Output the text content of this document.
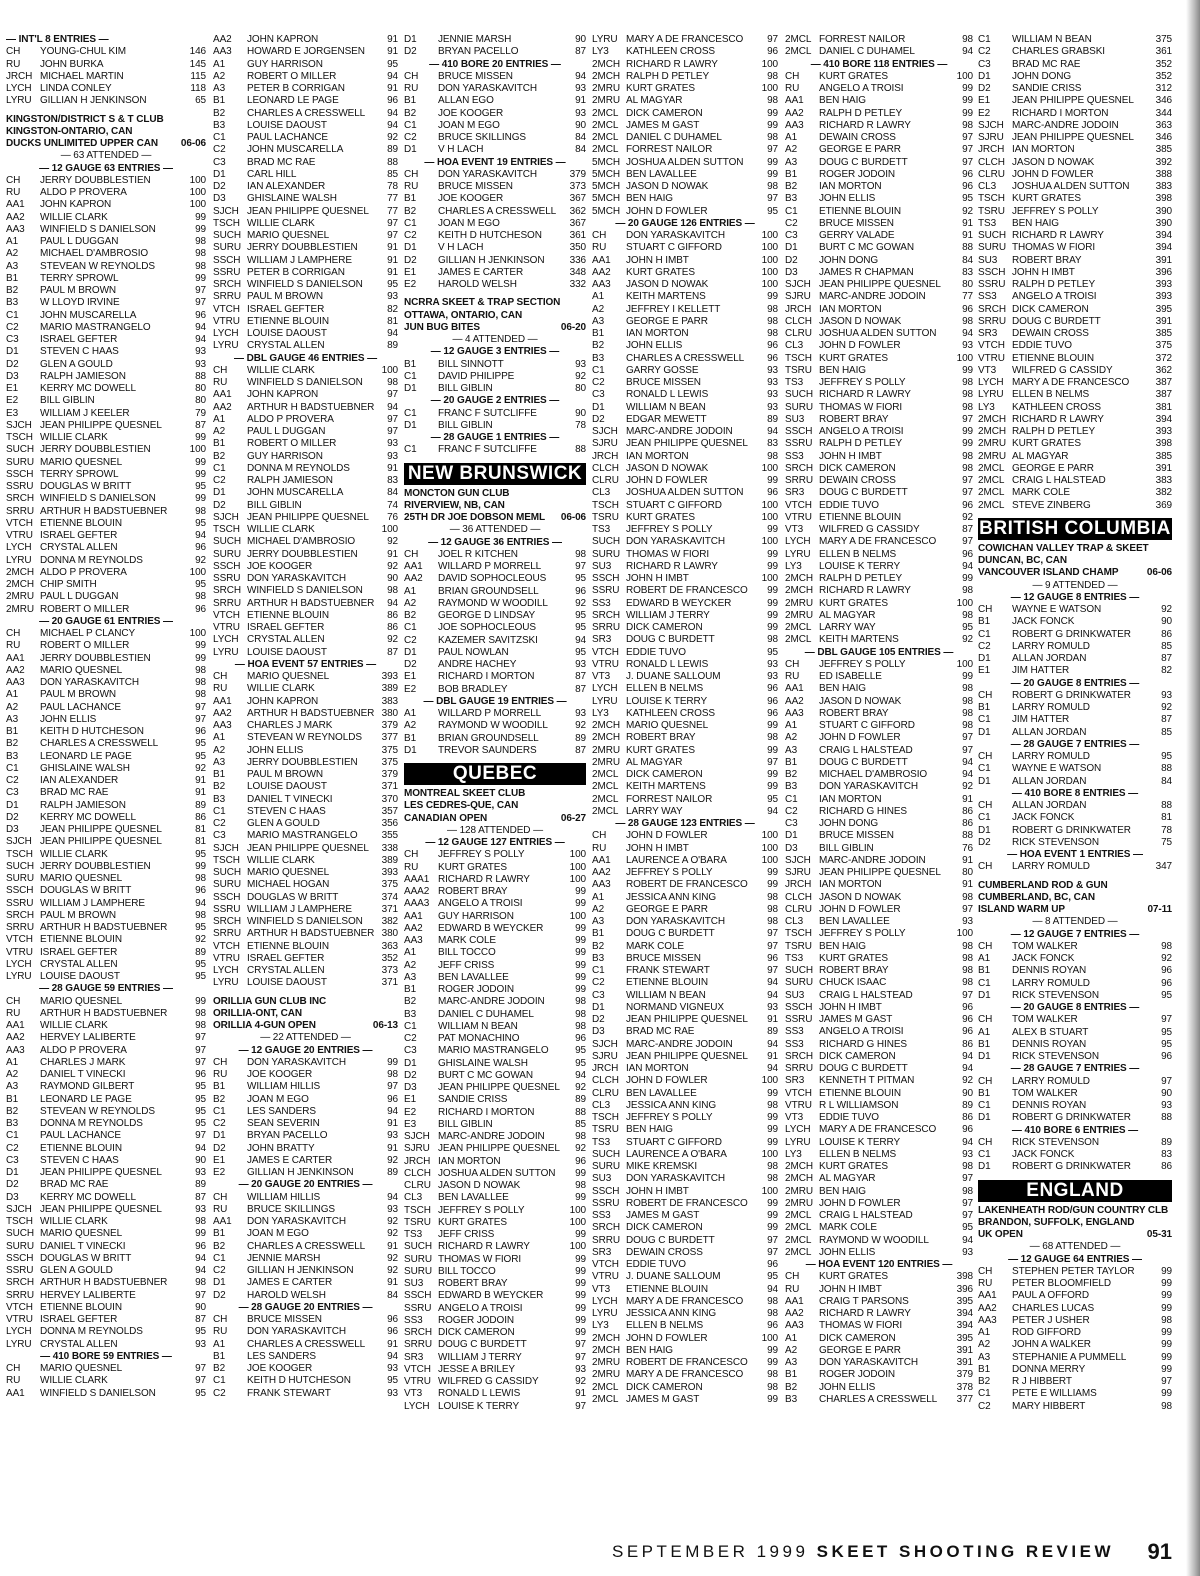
— INT'L 8 ENTRIES —
CH	YOUNG-CHUL KIM	146
RU	JOHN BURKA	145
JRCH MICHAEL MARTIN	115
LYCH LINDA CONLEY	118
LYRU GILLIAN H JENKINSON	65
KINGSTON/DISTRICT S & T CLUB
KINGSTON-ONTARIO, CAN
DUCKS UNLIMITED UPPER CAN	06-06
— 63 ATTENDED —
— 12 GAUGE 63 ENTRIES —
CH	JERRY DOUBBLESTIEN	100
RU	ALDO P PROVERA	100
AA1	JOHN KAPRON	100
AA2	WILLIE CLARK	99
AA3	WINFIELD S DANIELSON	99
A1	PAUL L DUGGAN	98
A2	MICHAEL D'AMBROSIO	98
A3	STEVEAN W REYNOLDS	98
B1	TERRY SPROWL	99
B2	PAUL M BROWN	97
B3	W LLOYD IRVINE	97
C1	JOHN MUSCARELLA	96
C2	MARIO MASTRANGELO	94
C3	ISRAEL GEFTER	94
D1	STEVEN C HAAS	93
D2	GLEN A GOULD	93
D3	RALPH JAMIESON	88
E1	KERRY MC DOWELL	80
E2	BILL GIBLIN	80
E3	WILLIAM J KEELER	79
SJCH JEAN PHILIPPE QUESNEL	87
TSCH WILLIE CLARK	99
SUCH JERRY DOUBBLESTIEN	100
SURU MARIO QUESNEL	99
SSCH TERRY SPROWL	99
SSRU DOUGLAS W BRITT	95
SRCH WINFIELD S DANIELSON	99
SRRU ARTHUR H BADSTUEBNER	98
VTCH ETIENNE BLOUIN	95
VTRU ISRAEL GEFTER	94
LYCH CRYSTAL ALLEN	96
LYRU DONNA M REYNOLDS	92
2MCH ALDO P PROVERA	100
2MCH CHIP SMITH	95
2MRU PAUL L DUGGAN	98
2MRU ROBERT O MILLER	96
— 20 GAUGE 61 ENTRIES —
CH	MICHAEL P CLANCY	100
RU	ROBERT O MILLER	99
AA1	JERRY DOUBBLESTIEN	99
AA2	MARIO QUESNEL	98
AA3	DON YARASKAVITCH	98
A1	PAUL M BROWN	98
A2	PAUL LACHANCE	97
A3	JOHN ELLIS	97
B1	KEITH D HUTCHESON	96
B2	CHARLES A CRESSWELL	95
B3	LEONARD LE PAGE	95
C1	GHISLAINE WALSH	92
C2	IAN ALEXANDER	91
C3	BRAD MC RAE	91
D1	RALPH JAMIESON	89
D2	KERRY MC DOWELL	86
D3	JEAN PHILIPPE QUESNEL	81
SJCH JEAN PHILIPPE QUESNEL	81
TSCH WILLIE CLARK	95
SUCH JERRY DOUBBLESTIEN	99
SURU MARIO QUESNEL	98
SSCH DOUGLAS W BRITT	96
SSRU WILLIAM J LAMPHERE	94
SRCH PAUL M BROWN	98
SRRU ARTHUR H BADSTUEBNER	95
VTCH ETIENNE BLOUIN	92
VTRU ISRAEL GEFTER	89
LYCH CRYSTAL ALLEN	95
LYRU LOUISE DAOUST	95
— 28 GAUGE 59 ENTRIES —
CH	MARIO QUESNEL	99
RU	ARTHUR H BADSTUEBNER	98
AA1	WILLIE CLARK	98
AA2	HERVEY LALIBERTE	97
AA3	ALDO P PROVERA	97
A1	CHARLES J MARK	97
A2	DANIEL T VINECKI	96
A3	RAYMOND GILBERT	95
B1	LEONARD LE PAGE	95
B2	STEVEAN W REYNOLDS	95
B3	DONNA M REYNOLDS	95
C1	PAUL LACHANCE	97
C2	ETIENNE BLOUIN	94
C3	STEVEN C HAAS	90
D1	JEAN PHILIPPE QUESNEL	93
D2	BRAD MC RAE	89
D3	KERRY MC DOWELL	87
SJCH JEAN PHILIPPE QUESNEL	93
TSCH WILLIE CLARK	98
SUCH MARIO QUESNEL	99
SURU DANIEL T VINECKI	96
SSCH DOUGLAS W BRITT	94
SSRU GLEN A GOULD	94
SRCH ARTHUR H BADSTUEBNER	98
SRRU HERVEY LALIBERTE	97
VTCH ETIENNE BLOUIN	90
VTRU ISRAEL GEFTER	87
LYCH DONNA M REYNOLDS	95
LYRU CRYSTAL ALLEN	93
— 410 BORE 59 ENTRIES —
CH	MARIO QUESNEL	97
RU	WILLIE CLARK	97
AA1	WINFIELD S DANIELSON	95
AA2	JOHN KAPRON	91
AA3	HOWARD E JORGENSEN	91
A1	GUY HARRISON	95
A2	ROBERT O MILLER	94
A3	PETER B CORRIGAN	91
B1	LEONARD LE PAGE	96
B2	CHARLES A CRESSWELL	94
B3	LOUISE DAOUST	94
C1	PAUL LACHANCE	92
C2	JOHN MUSCARELLA	89
C3	BRAD MC RAE	88
D1	CARL HILL	85
D2	IAN ALEXANDER	78
D3	GHISLAINE WALSH	77
SJCH JEAN PHILIPPE QUESNEL	77
TSCH WILLIE CLARK	97
SUCH MARIO QUESNEL	97
SURU JERRY DOUBBLESTIEN	91
SSCH WILLIAM J LAMPHERE	91
SSRU PETER B CORRIGAN	91
SRCH WINFIELD S DANIELSON	95
SRRU PAUL M BROWN	93
VTCH ISRAEL GEFTER	82
VTRU ETIENNE BLOUIN	81
LYCH LOUISE DAOUST	94
LYRU CRYSTAL ALLEN	89
— DBL GAUGE 46 ENTRIES —
CH	WILLIE CLARK	100
RU	WINFIELD S DANIELSON	98
AA1	JOHN KAPRON	97
AA2	ARTHUR H BADSTUEBNER	94
A1	ALDO P PROVERA	97
A2	PAUL L DUGGAN	97
B1	ROBERT O MILLER	93
B2	GUY HARRISON	93
C1	DONNA M REYNOLDS	91
C2	RALPH JAMIESON	83
D1	JOHN MUSCARELLA	84
D2	BILL GIBLIN	74
SJCH JEAN PHILIPPE QUESNEL	76
TSCH WILLIE CLARK	100
SUCH MICHAEL D'AMBROSIO	92
SURU JERRY DOUBBLESTIEN	91
SSCH JOE KOOGER	92
SSRU DON YARASKAVITCH	90
SRCH WINFIELD S DANIELSON	98
SRRU ARTHUR H BADSTUEBNER	94
VTCH ETIENNE BLOUIN	86
VTRU ISRAEL GEFTER	86
LYCH CRYSTAL ALLEN	92
LYRU LOUISE DAOUST	87
— HOA EVENT 57 ENTRIES —
CH	MARIO QUESNEL	393
RU	WILLIE CLARK	389
AA1	JOHN KAPRON	383
AA2	ARTHUR H BADSTUEBNER 380
AA3	CHARLES J MARK	379
A1	STEVEAN W REYNOLDS	377
A2	JOHN ELLIS	375
A3	JERRY DOUBBLESTIEN	375
B1	PAUL M BROWN	379
B2	LOUISE DAOUST	371
B3	DANIEL T VINECKI	370
C1	STEVEN C HAAS	357
C2	GLEN A GOULD	356
C3	MARIO MASTRANGELO	355
SJCH JEAN PHILIPPE QUESNEL	338
TSCH WILLIE CLARK	389
SUCH MARIO QUESNEL	393
SURU MICHAEL HOGAN	375
SSCH DOUGLAS W BRITT	374
SSRU WILLIAM J LAMPHERE	371
SRCH WINFIELD S DANIELSON	382
SRRU ARTHUR H BADSTUEBNER 380
VTCH ETIENNE BLOUIN	363
VTRU ISRAEL GEFTER	352
LYCH CRYSTAL ALLEN	373
LYRU LOUISE DAOUST	371
ORILLIA GUN CLUB INC
ORILLIA-ONT, CAN
ORILLIA 4-GUN OPEN	06-13
— 22 ATTENDED —
— 12 GAUGE 20 ENTRIES —
CH	DON YARASKAVITCH	99
RU	JOE KOOGER	98
B1	WILLIAM HILLIS	97
B2	JOAN M EGO	96
C1	LES SANDERS	94
C2	SEAN SEVERIN	91
D1	BRYAN PACELLO	93
D2	JOHN BRATTY	91
E1	JAMES E CARTER	92
E2	GILLIAN H JENKINSON	89
— 20 GAUGE 20 ENTRIES —
CH	WILLIAM HILLIS	94
RU	BRUCE SKILLINGS	93
AA1	DON YARASKAVITCH	92
B1	JOAN M EGO	92
B2	CHARLES A CRESSWELL	91
C1	JENNIE MARSH	92
C2	GILLIAN H JENKINSON	92
D1	JAMES E CARTER	91
D2	HAROLD WELSH	84
— 28 GAUGE 20 ENTRIES —
CH	BRUCE MISSEN	96
RU	DON YARASKAVITCH	96
A1	CHARLES A CRESSWELL	91
B1	LES SANDERS	94
B2	JOE KOOGER	93
C1	KEITH D HUTCHESON	95
C2	FRANK STEWART	93
D1	JENNIE MARSH	90
D2	BRYAN PACELLO	87
— 410 BORE 20 ENTRIES —
CH	BRUCE MISSEN	94
RU	DON YARASKAVITCH	93
B1	ALLAN EGO	91
B2	JOE KOOGER	93
C1	JOAN M EGO	90
C2	BRUCE SKILLINGS	84
D1	V H LACH	84
— HOA EVENT 19 ENTRIES —
CH	DON YARASKAVITCH	379
RU	BRUCE MISSEN	373
B1	JOE KOOGER	367
B2	CHARLES A CRESSWELL	362
C1	JOAN M EGO	367
C2	KEITH D HUTCHESON	361
D1	V H LACH	350
D2	GILLIAN H JENKINSON	336
E1	JAMES E CARTER	348
E2	HAROLD WELSH	332
NCRRA SKEET & TRAP SECTION
OTTAWA, ONTARIO, CAN
JUN BUG BITES	06-20
— 4 ATTENDED —
— 12 GAUGE 3 ENTRIES —
B1	BILL SINNOTT	93
C1	DAVID PHILIPPE	92
D1	BILL GIBLIN	80
— 20 GAUGE 2 ENTRIES —
C1	FRANC F SUTCLIFFE	90
D1	BILL GIBLIN	78
— 28 GAUGE 1 ENTRIES —
C1	FRANC F SUTCLIFFE	88
NEW BRUNSWICK
MONCTON GUN CLUB
RIVERVIEW, NB, CAN
25TH DR JOE DOBSON MEML	06-06
— 36 ATTENDED —
— 12 GAUGE 36 ENTRIES —
CH	JOEL R KITCHEN	98
AA1	WILLARD P MORRELL	97
AA2	DAVID SOPHOCLEOUS	95
A1	BRIAN GROUNDSELL	96
A2	RAYMOND W WOODILL	92
B2	GEORGE D LINDSAY	95
C1	JOE SOPHOCLEOUS	95
C2	KAZEMER SAVITZSKI	94
D1	PAUL NOWLAN	95
D2	ANDRE HACHEY	93
E1	RICHARD I MORTON	87
E2	BOB BRADLEY	87
— DBL GAUGE 19 ENTRIES —
A1	WILLARD P MORRELL	93
A2	RAYMOND W WOODILL	92
B1	BRIAN GROUNDSELL	89
D1	TREVOR SAUNDERS	87
QUEBEC
MONTREAL SKEET CLUB
LES CEDRES-QUE, CAN
CANADIAN OPEN	06-27
— 128 ATTENDED —
— 12 GAUGE 127 ENTRIES —
CH	JEFFREY S POLLY	100
RU	KURT GRATES	100
AAA1 RICHARD R LAWRY	100
AAA2 ROBERT BRAY	99
AAA3 ANGELO A TROISI	99
AA1	GUY HARRISON	100
AA2	EDWARD B WEYCKER	99
AA3	MARK COLE	99
A1	BILL TOCCO	99
A2	JEFF CRISS	99
A3	BEN LAVALLEE	99
B1	ROGER JODOIN	99
B2	MARC-ANDRE JODOIN	98
B3	DANIEL C DUHAMEL	98
C1	WILLIAM N BEAN	98
C2	PAT MONACHINO	96
C3	MARIO MASTRANGELO	95
D1	GHISLAINE WALSH	95
D2	BURT C MC GOWAN	94
D3	JEAN PHILIPPE QUESNEL	92
E1	SANDIE CRISS	89
E2	RICHARD I MORTON	88
E3	BILL GIBLIN	85
SJCH MARC-ANDRE JODOIN	98
SJRU JEAN PHILIPPE QUESNEL	92
JRCH IAN MORTON	96
CLCH JOSHUA ALDEN SUTTON	99
CLRU JASON D NOWAK	98
CL3	BEN LAVALLEE	99
TSCH JEFFREY S POLLY	100
TSRU KURT GRATES	100
TS3	JEFF CRISS	99
SUCH RICHARD R LAWRY	100
SURU THOMAS W FIORI	99
SURU BILL TOCCO	99
SU3	ROBERT BRAY	99
SSCH EDWARD B WEYCKER	99
SSRU ANGELO A TROISI	99
SS3	ROGER JODOIN	99
SRCH DICK CAMERON	99
SRRU DOUG C BURDETT	97
SR3	WILLIAM J TERRY	97
VTCH JESSE A BRILEY	93
VTRU WILFRED G CASSIDY	92
VT3	RONALD L LEWIS	91
LYCH LOUISE K TERRY	97
LYRU MARY A DE FRANCESCO	97
LY3	KATHLEEN CROSS	96
2MCH RICHARD R LAWRY	100
2MCH RALPH D PETLEY	98
2MRU KURT GRATES	100
2MRU AL MAGYAR	98
2MCL DICK CAMERON	99
2MCL JAMES M GAST	99
2MCL DANIEL C DUHAMEL	98
2MCL FORREST NAILOR	97
5MCH JOSHUA ALDEN SUTTON	99
5MCH BEN LAVALLEE	99
5MCH JASON D NOWAK	98
5MCH BEN HAIG	97
5MCH JOHN D FOWLER	95
— 20 GAUGE 126 ENTRIES —
CH	DON YARASKAVITCH	100
RU	STUART C GIFFORD	100
AA1	JOHN H IMBT	100
AA2	KURT GRATES	100
AA3	JASON D NOWAK	100
A1	KEITH MARTENS	99
A2	JEFFREY I KELLETT	98
A3	GEORGE E PARR	98
B1	IAN MORTON	98
B2	JOHN ELLIS	96
B3	CHARLES A CRESSWELL	96
C1	GARRY GOSSE	93
C2	BRUCE MISSEN	93
C3	RONALD L LEWIS	93
D1	WILLIAM N BEAN	93
D2	EDGAR MEWETT	89
SJCH MARC-ANDRE JODOIN	94
SJRU JEAN PHILIPPE QUESNEL	83
JRCH IAN MORTON	98
CLCH JASON D NOWAK	100
CLRU JOHN D FOWLER	99
CL3	JOSHUA ALDEN SUTTON	96
TSCH STUART C GIFFORD	100
TSRU KURT GRATES	100
TS3	JEFFREY S POLLY	99
SUCH DON YARASKAVITCH	100
SURU THOMAS W FIORI	99
SU3	RICHARD R LAWRY	99
SSCH JOHN H IMBT	100
SSRU ROBERT DE FRANCESCO	99
SS3	EDWARD B WEYCKER	99
SRCH WILLIAM J TERRY	99
SRRU DICK CAMERON	99
SR3	DOUG C BURDETT	98
VTCH EDDIE TUVO	95
VTRU RONALD L LEWIS	93
VT3	J. DUANE SALLOUM	93
LYCH ELLEN B NELMS	96
LYRU LOUISE K TERRY	96
LY3	KATHLEEN CROSS	96
2MCH MARIO QUESNEL	99
2MCH ROBERT BRAY	98
2MRU KURT GRATES	99
2MRU AL MAGYAR	97
2MCL DICK CAMERON	99
2MCL KEITH MARTENS	99
2MCL FORREST NAILOR	95
2MCL LARRY WAY	94
— 28 GAUGE 123 ENTRIES —
CH	JOHN D FOWLER	100
RU	JOHN H IMBT	100
AA1	LAURENCE A O'BARA	100
AA2	JEFFREY S POLLY	99
AA3	ROBERT DE FRANCESCO	99
A1	JESSICA ANN KING	98
A2	GEORGE E PARR	98
A3	DON YARASKAVITCH	98
B1	DOUG C BURDETT	97
B2	MARK COLE	97
B3	BRUCE MISSEN	96
C1	FRANK STEWART	97
C2	ETIENNE BLOUIN	94
C3	WILLIAM N BEAN	94
D1	NORMAND VIGNEUX	93
D2	JEAN PHILIPPE QUESNEL	91
D3	BRAD MC RAE	89
SJCH MARC-ANDRE JODOIN	94
SJRU JEAN PHILIPPE QUESNEL	91
JRCH IAN MORTON	94
CLCH JOHN D FOWLER	100
CLRU BEN LAVALLEE	99
CL3	JESSICA ANN KING	98
TSCH JEFFREY S POLLY	99
TSRU BEN HAIG	99
TS3	STUART C GIFFORD	99
SUCH LAURENCE A O'BARA	100
SURU MIKE KREMSKI	98
SU3	DON YARASKAVITCH	98
SSCH JOHN H IMBT	100
SSRU ROBERT DE FRANCESCO	99
SS3	JAMES M GAST	99
SRCH DICK CAMERON	99
SRRU DOUG C BURDETT	97
SR3	DEWAIN CROSS	97
VTCH EDDIE TUVO	96
VTRU J. DUANE SALLOUM	95
VT3	ETIENNE BLOUIN	94
LYCH MARY A DE FRANCESCO	98
LYRU JESSICA ANN KING	98
LY3	ELLEN B NELMS	96
2MCH JOHN D FOWLER	100
2MCH BEN HAIG	99
2MRU ROBERT DE FRANCESCO	99
2MRU MARY A DE FRANCESCO	98
2MCL DICK CAMERON	98
2MCL JAMES M GAST	99
2MCL FORREST NAILOR	98
2MCL DANIEL C DUHAMEL	94
— 410 BORE 118 ENTRIES —
CH	KURT GRATES	100
RU	ANGELO A TROISI	99
AA1	BEN HAIG	99
AA2	RALPH D PETLEY	99
AA3	RICHARD R LAWRY	98
A1	DEWAIN CROSS	97
A2	GEORGE E PARR	97
A3	DOUG C BURDETT	97
B1	ROGER JODOIN	96
B2	IAN MORTON	96
B3	JOHN ELLIS	95
C1	ETIENNE BLOUIN	92
C2	BRUCE MISSEN	91
C3	GERRY VALADE	91
D1	BURT C MC GOWAN	88
D2	JOHN DONG	84
D3	JAMES R CHAPMAN	83
SJCH JEAN PHILIPPE QUESNEL	80
SJRU MARC-ANDRE JODOIN	77
JRCH IAN MORTON	96
CLCH JASON D NOWAK	98
CLRU JOSHUA ALDEN SUTTON	94
CL3	JOHN D FOWLER	93
TSCH KURT GRATES	100
TSRU BEN HAIG	99
TS3	JEFFREY S POLLY	98
SUCH RICHARD R LAWRY	98
SURU THOMAS W FIORI	98
SU3	ROBERT BRAY	97
SSCH ANGELO A TROISI	99
SSRU RALPH D PETLEY	99
SS3	JOHN H IMBT	98
SRCH DICK CAMERON	98
SRRU DEWAIN CROSS	97
SR3	DOUG C BURDETT	97
VTCH EDDIE TUVO	96
VTRU ETIENNE BLOUIN	92
VT3	WILFRED G CASSIDY	87
LYCH MARY A DE FRANCESCO	97
LYRU ELLEN B NELMS	96
LY3	LOUISE K TERRY	94
2MCH RALPH D PETLEY	99
2MCH RICHARD R LAWRY	98
2MRU KURT GRATES	100
2MRU AL MAGYAR	98
2MCL LARRY WAY	95
2MCL KEITH MARTENS	92
— DBL GAUGE 105 ENTRIES —
CH	JEFFREY S POLLY	100
RU	ED ISABELLE	99
AA1	BEN HAIG	98
AA2	JASON D NOWAK	98
AA3	ROBERT BRAY	98
A1	STUART C GIFFORD	98
A2	JOHN D FOWLER	97
A3	CRAIG L HALSTEAD	97
B1	DOUG C BURDETT	94
B2	MICHAEL D'AMBROSIO	94
B3	DON YARASKAVITCH	92
C1	IAN MORTON	91
C2	RICHARD G HINES	86
C3	JOHN DONG	86
D1	BRUCE MISSEN	88
D3	BILL GIBLIN	76
SJCH MARC-ANDRE JODOIN	91
SJRU JEAN PHILIPPE QUESNEL	80
JRCH IAN MORTON	91
CLCH JASON D NOWAK	98
CLRU JOHN D FOWLER	97
CL3	BEN LAVALLEE	93
TSCH JEFFREY S POLLY	100
TSRU BEN HAIG	98
TS3	KURT GRATES	98
SUCH ROBERT BRAY	98
SURU CHUCK ISAAC	98
SU3	CRAIG L HALSTEAD	97
SSCH JOHN H IMBT	96
SSRU JAMES M GAST	96
SS3	ANGELO A TROISI	96
SS3	RICHARD G HINES	86
SRCH DICK CAMERON	94
SRRU DOUG C BURDETT	94
SR3	KENNETH T PITMAN	92
VTCH ETIENNE BLOUIN	90
VTRU R L WILLIAMSON	89
VT3	EDDIE TUVO	86
LYCH MARY A DE FRANCESCO	96
LYRU LOUISE K TERRY	94
LY3	ELLEN B NELMS	93
2MCH KURT GRATES	98
2MCH AL MAGYAR	97
2MRU BEN HAIG	98
2MRU JOHN D FOWLER	97
2MCL CRAIG L HALSTEAD	97
2MCL MARK COLE	95
2MCL RAYMOND W WOODILL	94
2MCL JOHN ELLIS	93
— HOA EVENT 120 ENTRIES —
CH	KURT GRATES	398
RU	JOHN H IMBT	396
AA1	CRAIG T PARSONS	395
AA2	RICHARD R LAWRY	394
AA3	THOMAS W FIORI	394
A1	DICK CAMERON	395
A2	GEORGE E PARR	391
A3	DON YARASKAVITCH	391
B1	ROGER JODOIN	379
B2	JOHN ELLIS	378
B3	CHARLES A CRESSWELL	377
C1	WILLIAM N BEAN	375
C2	CHARLES GRABSKI	361
C3	BRAD MC RAE	352
D1	JOHN DONG	352
D2	SANDIE CRISS	312
E1	JEAN PHILIPPE QUESNEL	346
E2	RICHARD I MORTON	344
SJCH MARC-ANDRE JODOIN	363
SJRU JEAN PHILIPPE QUESNEL	346
JRCH IAN MORTON	385
CLCH JASON D NOWAK	392
CLRU JOHN D FOWLER	388
CL3	JOSHUA ALDEN SUTTON	383
TSCH KURT GRATES	398
TSRU JEFFREY S POLLY	390
TS3	BEN HAIG	390
SUCH RICHARD R LAWRY	394
SURU THOMAS W FIORI	394
SU3	ROBERT BRAY	391
SSCH JOHN H IMBT	396
SSRU RALPH D PETLEY	393
SS3	ANGELO A TROISI	393
SRCH DICK CAMERON	395
SRRU DOUG C BURDETT	391
SR3	DEWAIN CROSS	385
VTCH EDDIE TUVO	375
VTRU ETIENNE BLOUIN	372
VT3	WILFRED G CASSIDY	362
LYCH MARY A DE FRANCESCO	387
LYRU ELLEN B NELMS	387
LY3	KATHLEEN CROSS	381
2MCH RICHARD R LAWRY	394
2MCH RALPH D PETLEY	393
2MRU KURT GRATES	398
2MRU AL MAGYAR	385
2MCL GEORGE E PARR	391
2MCL CRAIG L HALSTEAD	383
2MCL MARK COLE	382
2MCL STEVE ZINBERG	369
BRITISH COLUMBIA
COWICHAN VALLEY TRAP & SKEET
DUNCAN, BC, CAN
VANCOUVER ISLAND CHAMP	06-06
— 9 ATTENDED —
— 12 GAUGE 8 ENTRIES —
CH	WAYNE E WATSON	92
B1	JACK FONCK	90
C1	ROBERT G DRINKWATER	86
C2	LARRY ROMULD	85
D1	ALLAN JORDAN	87
E1	JIM HATTER	82
— 20 GAUGE 8 ENTRIES —
CH	ROBERT G DRINKWATER	93
B1	LARRY ROMULD	92
C1	JIM HATTER	87
D1	ALLAN JORDAN	85
— 28 GAUGE 7 ENTRIES —
CH	LARRY ROMULD	95
C1	WAYNE E WATSON	88
D1	ALLAN JORDAN	84
— 410 BORE 8 ENTRIES —
CH	ALLAN JORDAN	88
C1	JACK FONCK	81
D1	ROBERT G DRINKWATER	78
D2	RICK STEVENSON	75
— HOA EVENT 1 ENTRIES —
CH	LARRY ROMULD	347
CUMBERLAND ROD & GUN
CUMBERLAND, BC, CAN
ISLAND WARM UP	07-11
— 8 ATTENDED —
— 12 GAUGE 7 ENTRIES —
CH	TOM WALKER	98
A1	JACK FONCK	92
B1	DENNIS ROYAN	96
C1	LARRY ROMULD	96
D1	RICK STEVENSON	95
— 20 GAUGE 8 ENTRIES —
CH	TOM WALKER	97
A1	ALEX B STUART	95
B1	DENNIS ROYAN	95
D1	RICK STEVENSON	96
— 28 GAUGE 7 ENTRIES —
CH	LARRY ROMULD	97
B1	TOM WALKER	90
C1	DENNIS ROYAN	93
D1	ROBERT G DRINKWATER	88
— 410 BORE 6 ENTRIES —
CH	RICK STEVENSON	89
C1	JACK FONCK	83
D1	ROBERT G DRINKWATER	86
ENGLAND
LAKENHEATH ROD/GUN COUNTRY CLB
BRANDON, SUFFOLK, ENGLAND
UK OPEN	05-31
— 68 ATTENDED —
— 12 GAUGE 64 ENTRIES —
CH	STEPHEN PETER TAYLOR	99
RU	PETER BLOOMFIELD	99
AA1	PAUL A OFFORD	99
AA2	CHARLES LUCAS	99
AA3	PETER J USHER	98
A1	ROD GIFFORD	99
A2	JOHN A WALKER	99
A3	STEPHANIE A PUMMELL	99
B1	DONNA MERRY	99
B2	R J HIBBERT	97
C1	PETE E WILLIAMS	99
C2	MARY HIBBERT	98
SEPTEMBER 1999 SKEET SHOOTING REVIEW 91
